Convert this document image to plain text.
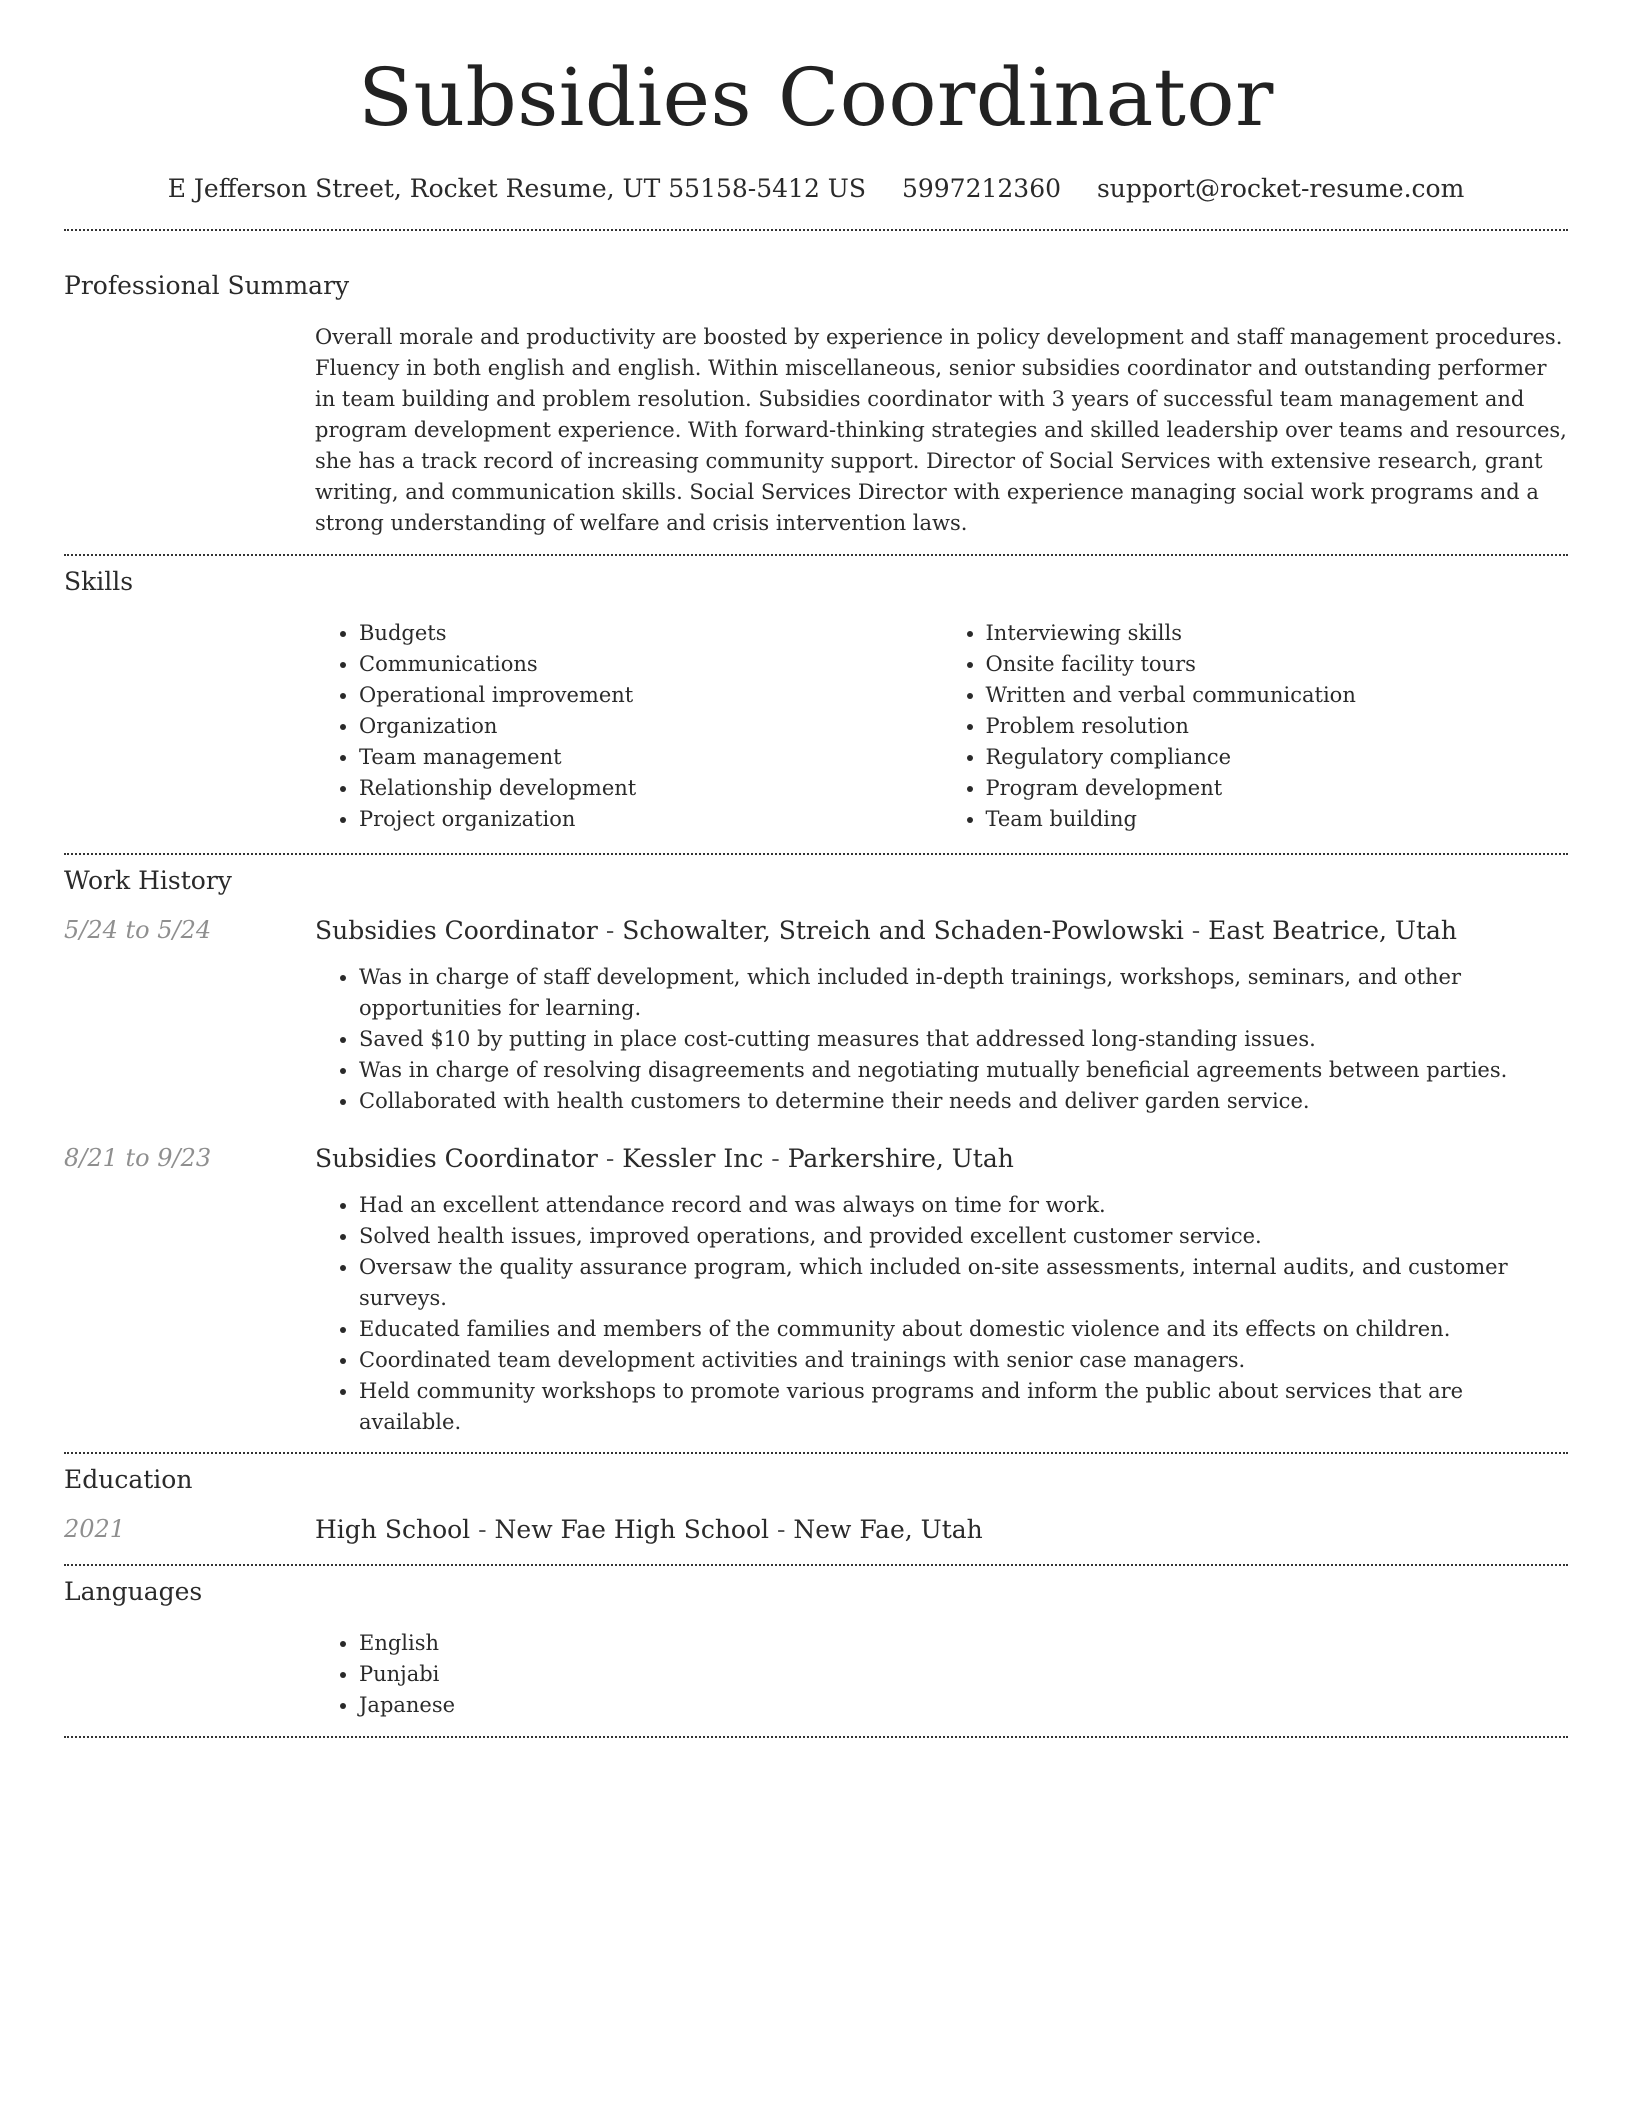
Subsidies Coordinator
E Jefferson Street, Rocket Resume, UT 55158-5412 US 5997212360 support@rocket-resume.com
Professional Summary

Overall morale and productivity are boosted by experience in policy development and staff management procedures. Fluency in both english and english. Within miscellaneous, senior subsidies coordinator and outstanding performer in team building and problem resolution. Subsidies coordinator with 3 years of successful team management and program development experience. With forward-thinking strategies and skilled leadership over teams and resources, she has a track record of increasing community support. Director of Social Services with extensive research, grant writing, and communication skills. Social Services Director with experience managing social work programs and a strong understanding of welfare and crisis intervention laws.

Skills
• Budgets
• Communications
• Operational improvement
• Organization
• Team management
• Relationship development
• Project organization
• Interviewing skills
• Onsite facility tours
• Written and verbal communication
• Problem resolution
• Regulatory compliance
• Program development
• Team building
Work History
5/24 to 5/24	Subsidies Coordinator - Schowalter, Streich and Schaden-Powlowski - East Beatrice, Utah
• Was in charge of staff development, which included in-depth trainings, workshops, seminars, and other opportunities for learning.
• Saved $10 by putting in place cost-cutting measures that addressed long-standing issues.
• Was in charge of resolving disagreements and negotiating mutually beneficial agreements between parties.
• Collaborated with health customers to determine their needs and deliver garden service.
8/21 to 9/23	Subsidies Coordinator - Kessler Inc - Parkershire, Utah
• Had an excellent attendance record and was always on time for work.
• Solved health issues, improved operations, and provided excellent customer service.
• Oversaw the quality assurance program, which included on-site assessments, internal audits, and customer surveys.
• Educated families and members of the community about domestic violence and its effects on children.
• Coordinated team development activities and trainings with senior case managers.
• Held community workshops to promote various programs and inform the public about services that are available.
Education
2021	High School - New Fae High School - New Fae, Utah
Languages
• English
• Punjabi
• Japanese
